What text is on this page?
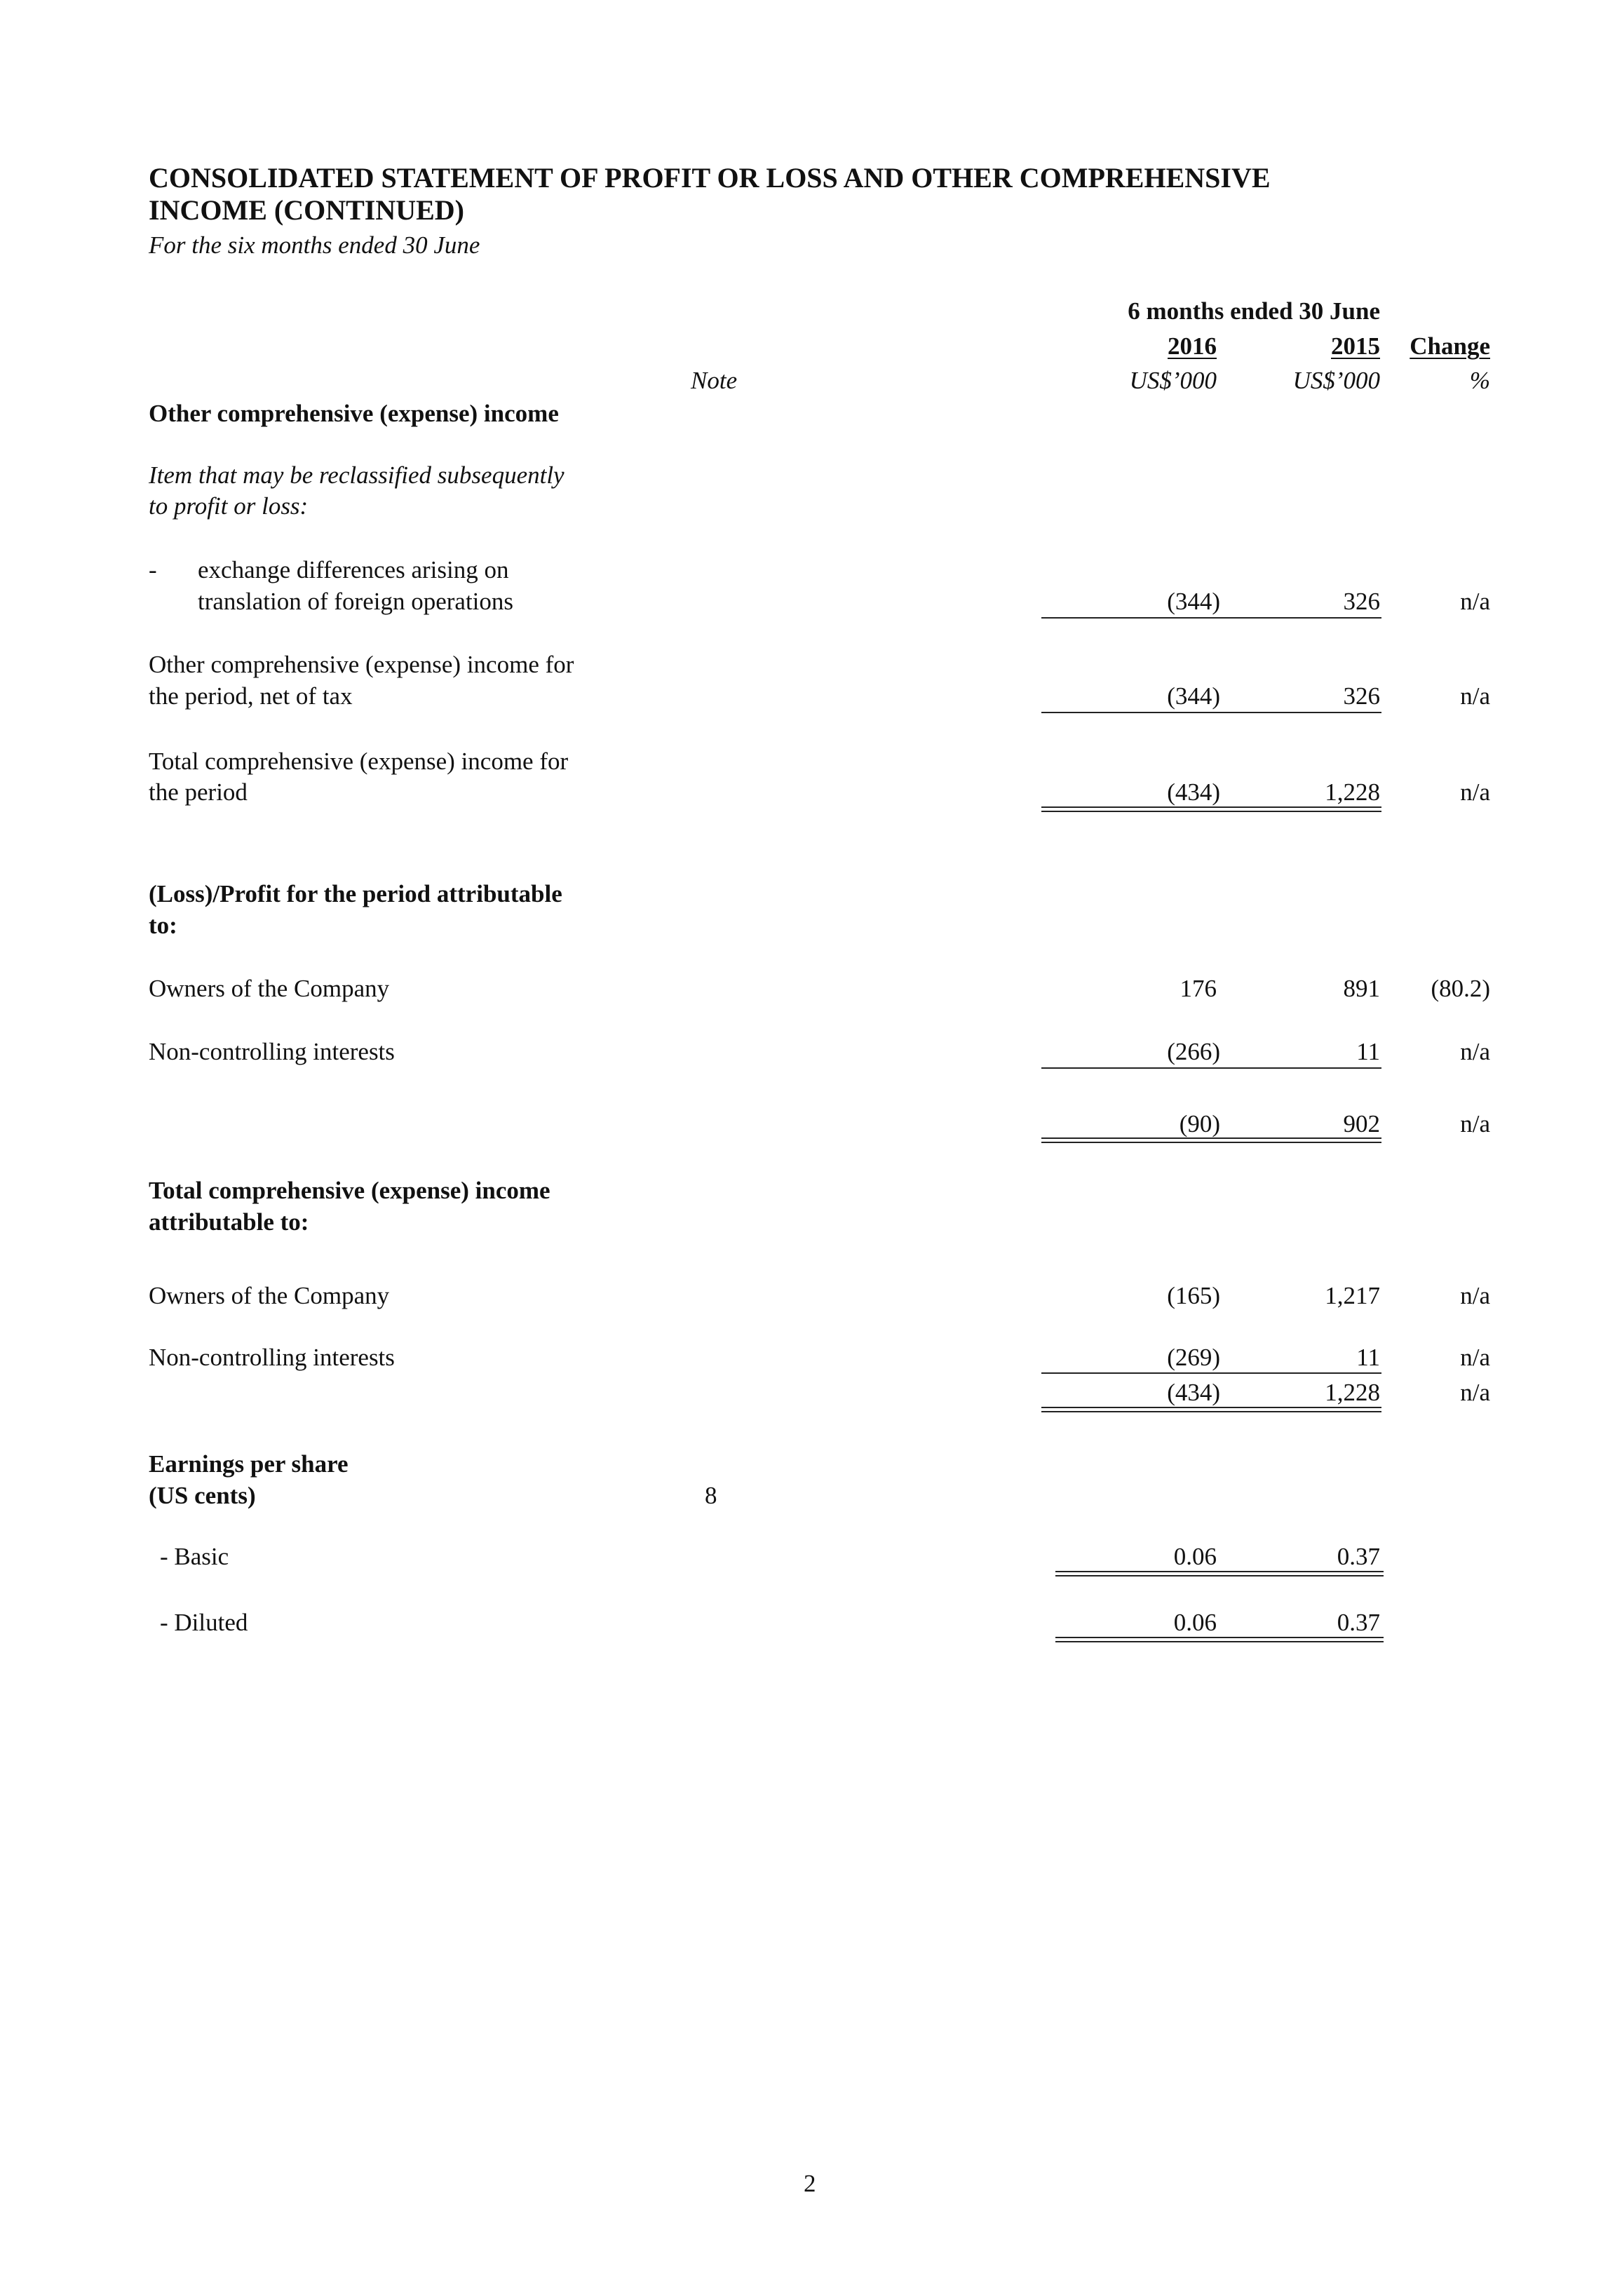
CONSOLIDATED STATEMENT OF PROFIT OR LOSS AND OTHER COMPREHENSIVE
INCOME (CONTINUED)
For the six months ended 30 June
6 months ended 30 June
2016	2015	Change
Note	US$’000	US$’000	%
Other comprehensive (expense) income
Item that may be reclassified subsequently
to profit or loss:
- exchange differences arising on
translation of foreign operations	(344)	326	n/a
Other comprehensive (expense) income for
the period, net of tax	(344)	326	n/a
Total comprehensive (expense) income for
the period	(434)	1,228	n/a
(Loss)/Profit for the period attributable
to:
Owners of the Company	176	891	(80.2)
Non-controlling interests	(266)	11	n/a
(90)	902	n/a
Total comprehensive (expense) income
attributable to:
Owners of the Company	(165)	1,217	n/a
Non-controlling interests	(269)	11	n/a
(434)	1,228	n/a
Earnings per share
(US cents)	8
- Basic	0.06	0.37
- Diluted	0.06	0.37
2
